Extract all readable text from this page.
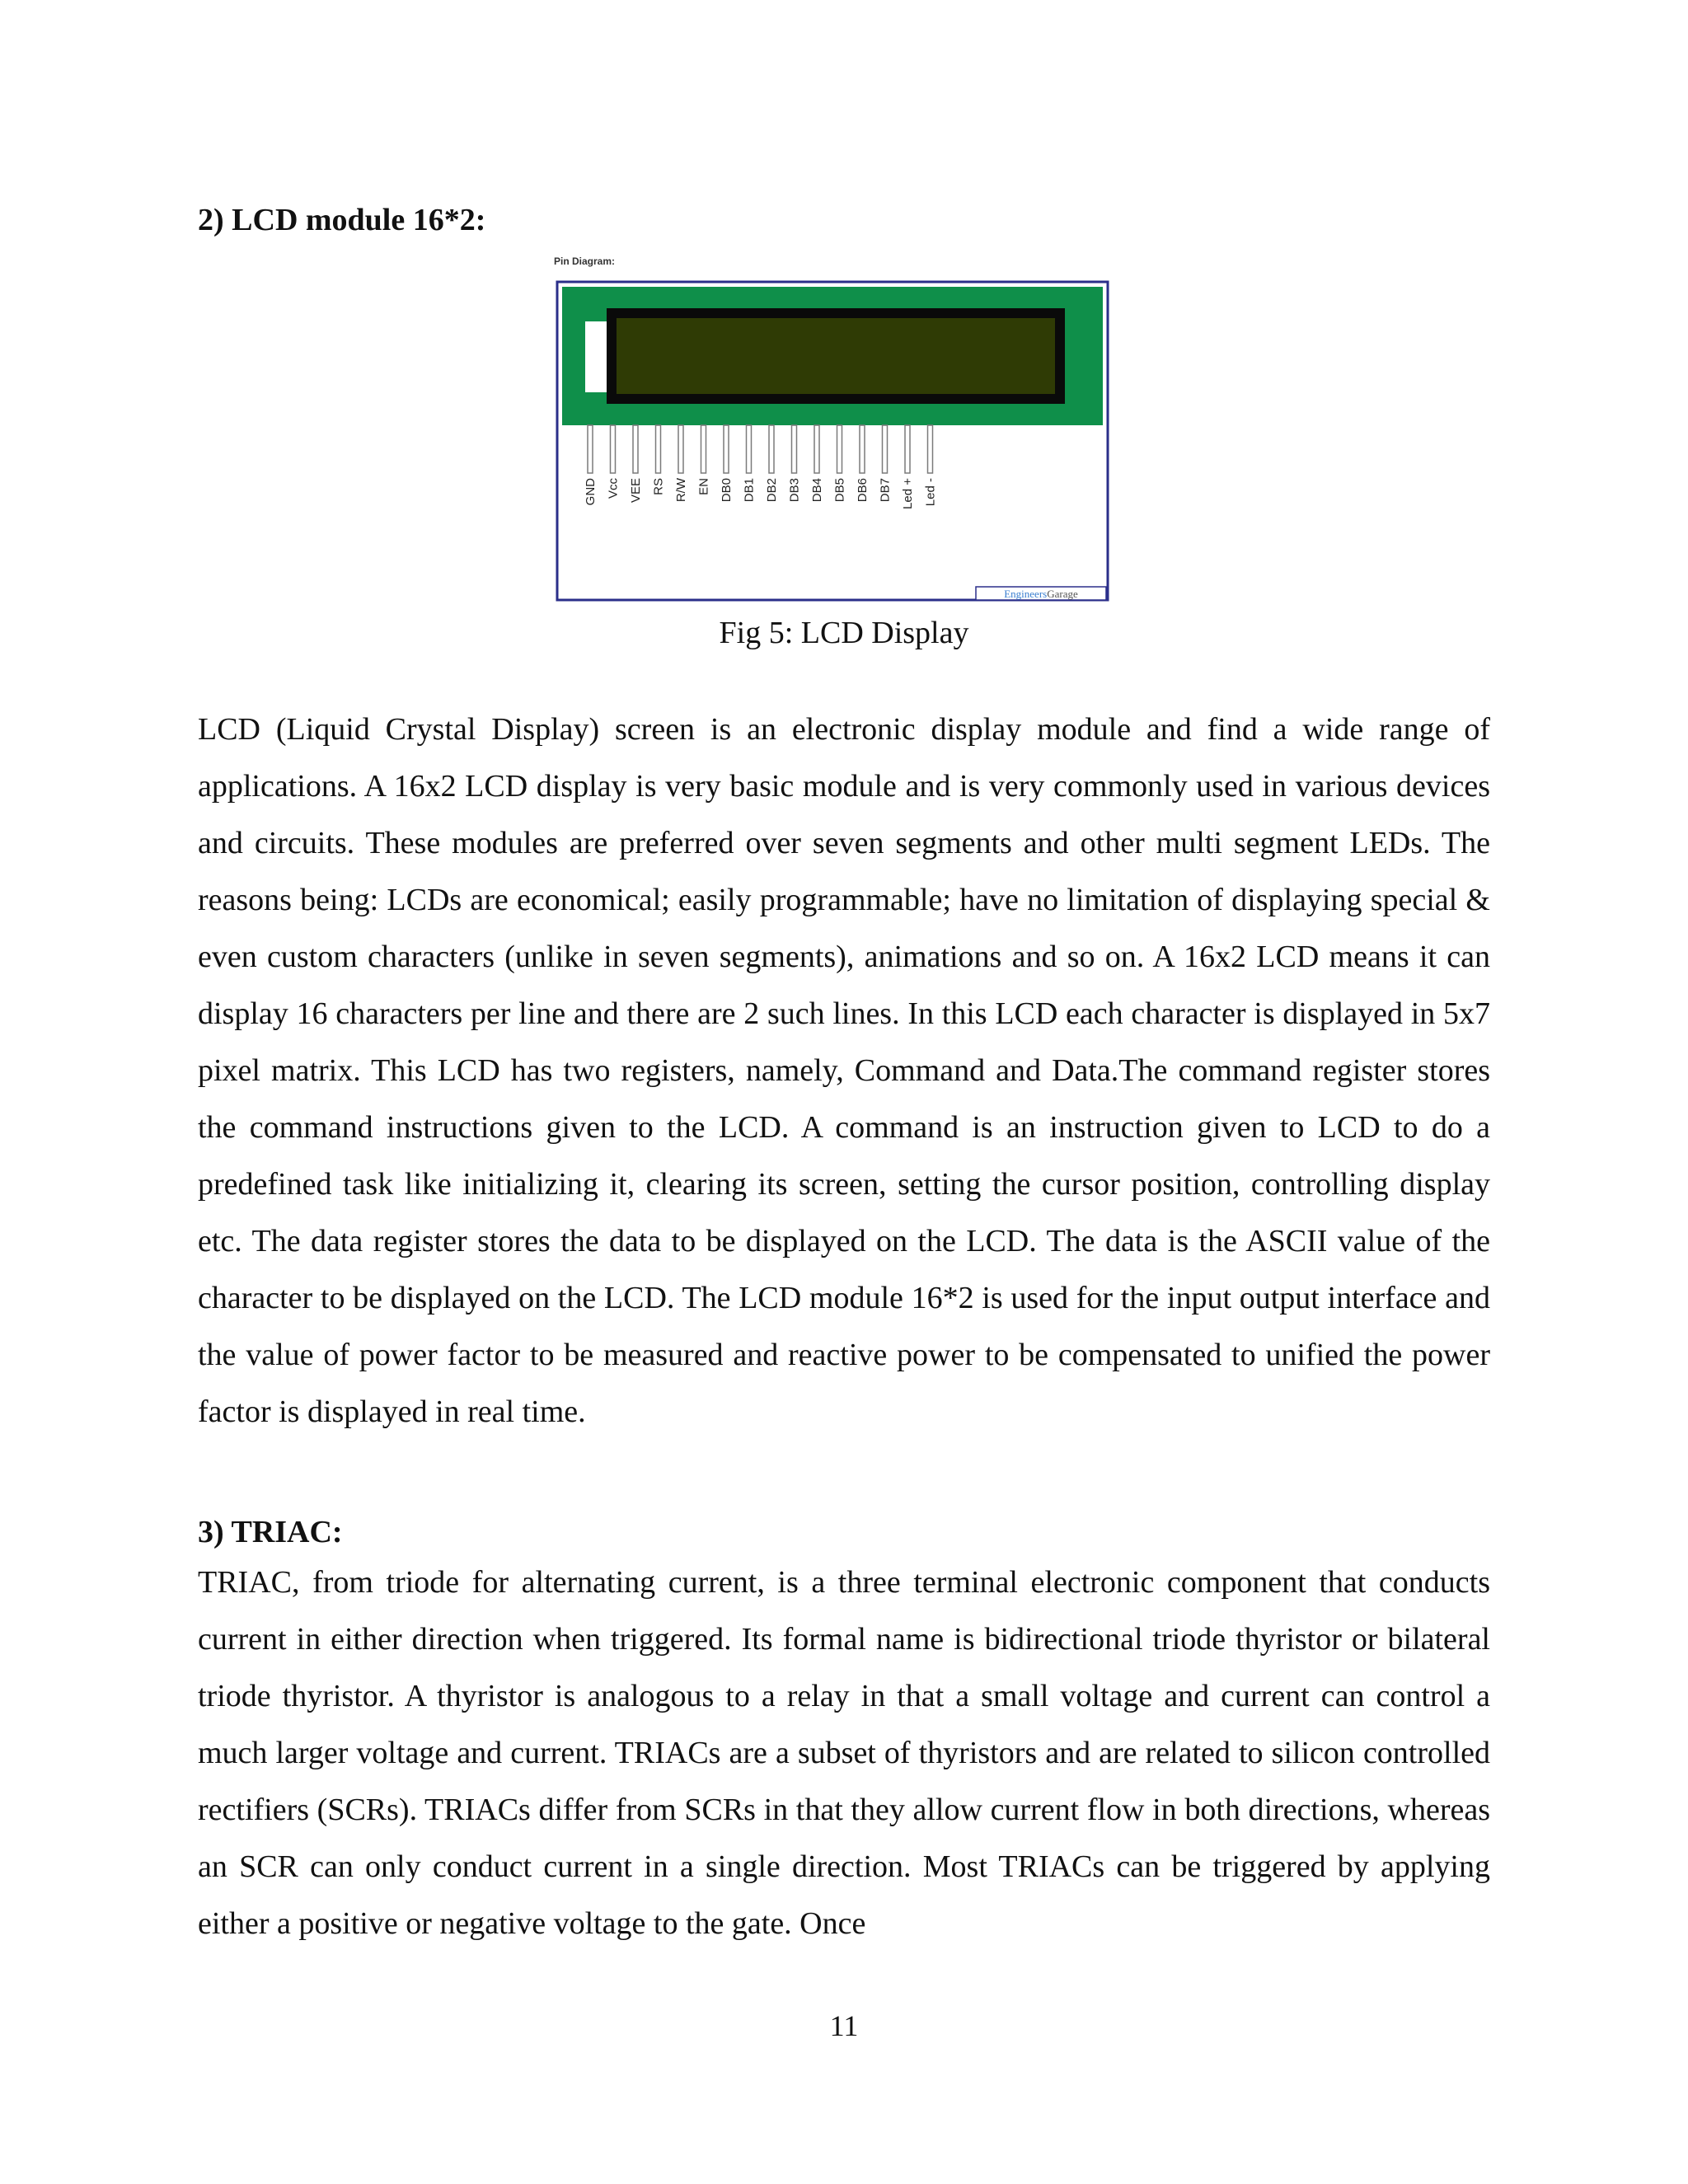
2) LCD module 16*2:
Pin Diagram:
GND Vcc VEE RS R/W EN DB0 DB1 DB2 DB3 DB4 DB5 DB6 DB7 Led + Led -
EngineersGarage
Fig 5: LCD Display

LCD (Liquid Crystal Display) screen is an electronic display module and find a wide range of applications. A 16x2 LCD display is very basic module and is very commonly used in various devices and circuits. These modules are preferred over seven segments and other multi segment LEDs. The reasons being: LCDs are economical; easily programmable; have no limitation of displaying special & even custom characters (unlike in seven segments), animations and so on. A 16x2 LCD means it can display 16 characters per line and there are 2 such lines. In this LCD each character is displayed in 5x7 pixel matrix. This LCD has two registers, namely, Command and Data.The command register stores the command instructions given to the LCD. A command is an instruction given to LCD to do a predefined task like initializing it, clearing its screen, setting the cursor position, controlling display etc. The data register stores the data to be displayed on the LCD. The data is the ASCII value of the character to be displayed on the LCD. The LCD module 16*2 is used for the input output interface and the value of power factor to be measured and reactive power to be compensated to unified the power factor is displayed in real time.

3) TRIAC:

TRIAC, from triode for alternating current, is a three terminal electronic component that conducts current in either direction when triggered. Its formal name is bidirectional triode thyristor or bilateral triode thyristor. A thyristor is analogous to a relay in that a small voltage and current can control a much larger voltage and current. TRIACs are a subset of thyristors and are related to silicon controlled rectifiers (SCRs). TRIACs differ from SCRs in that they allow current flow in both directions, whereas an SCR can only conduct current in a single direction. Most TRIACs can be triggered by applying either a positive or negative voltage to the gate. Once

11
